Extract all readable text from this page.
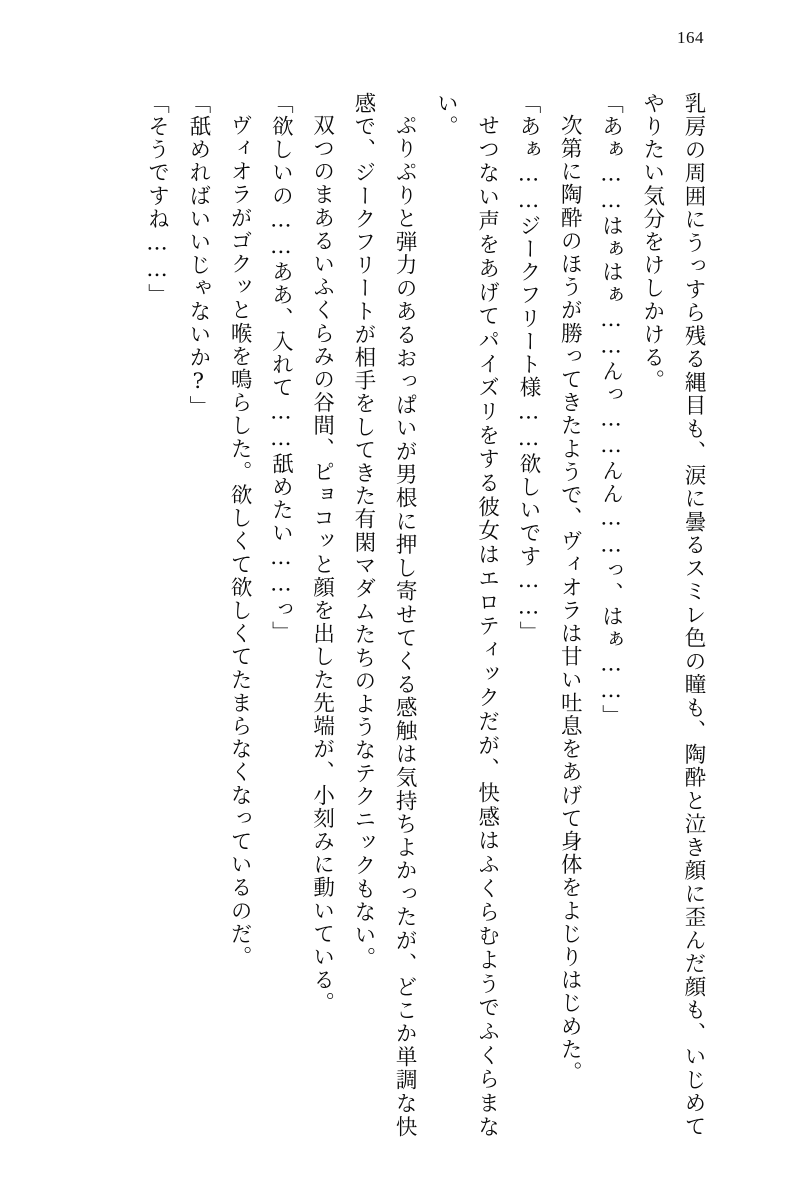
164

乳房の周囲にうっすら残る縄目も、涙に曇るスミレ色の瞳も、陶酔と泣き顔に歪んだ顔も、いじめてやりたい気分をけしかける。

「あぁ……はぁはぁ……んっ……んん……っ、はぁ……」

次第に陶酔のほうが勝ってきたようで、ヴィオラは甘い吐息をあげて身体をよじりはじめた。

「あぁ……ジークフリート様……欲しいです……」

せつない声をあげてパイズリをする彼女はエロティックだが、快感はふくらむようでふくらまない。

ぷりぷりと弾力のあるおっぱいが男根に押し寄せてくる感触は気持ちよかったが、どこか単調な快感で、ジークフリートが相手をしてきた有閑マダムたちのようなテクニックもない。

双つのまあるいふくらみの谷間、ピョコッと顔を出した先端が、小刻みに動いている。

「欲しいの……ああ、入れて……舐めたい……っ」

ヴィオラがゴクッと喉を鳴らした。欲しくて欲しくてたまらなくなっているのだ。

「舐めればいいじゃないか?」

「そうですね……」
